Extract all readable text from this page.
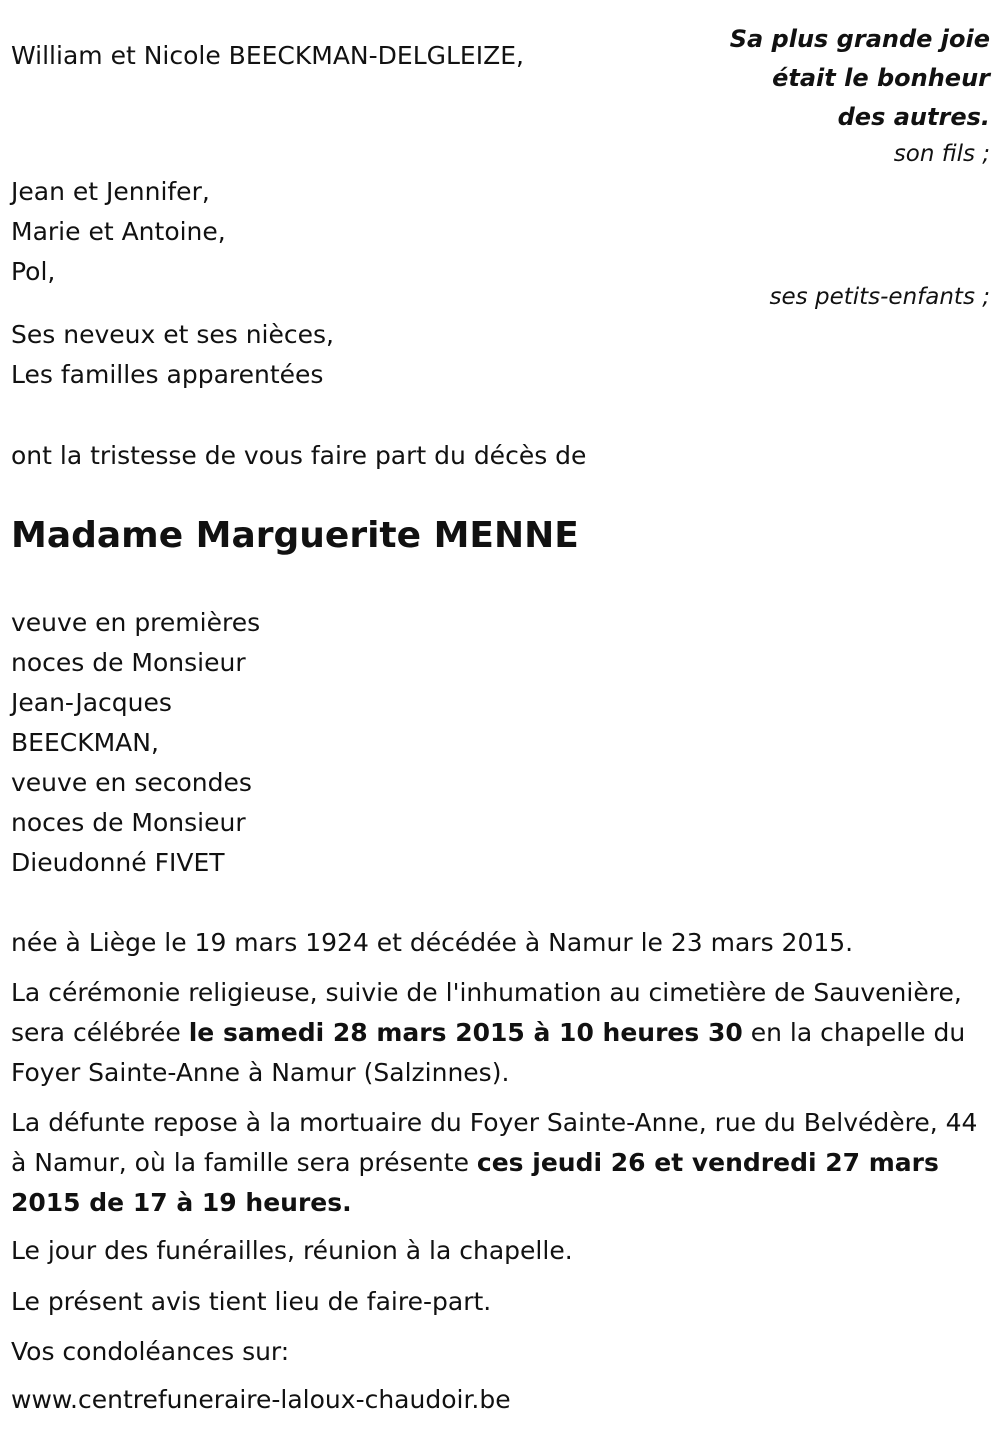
Sa plus grande joie
était le bonheur
des autres.
William et Nicole BEECKMAN-DELGLEIZE,
son fils ;
Jean et Jennifer,
Marie et Antoine,
Pol,
ses petits-enfants ;
Ses neveux et ses nièces,
Les familles apparentées
ont la tristesse de vous faire part du décès de
Madame Marguerite MENNE
veuve en premières
noces de Monsieur
Jean-Jacques
BEECKMAN,
veuve en secondes
noces de Monsieur
Dieudonné FIVET
née à Liège le 19 mars 1924 et décédée à Namur le 23 mars 2015.
La cérémonie religieuse, suivie de l'inhumation au cimetière de Sauvenière, sera célébrée le samedi 28 mars 2015 à 10 heures 30 en la chapelle du Foyer Sainte-Anne à Namur (Salzinnes).
La défunte repose à la mortuaire du Foyer Sainte-Anne, rue du Belvédère, 44 à Namur, où la famille sera présente ces jeudi 26 et vendredi 27 mars 2015 de 17 à 19 heures.
Le jour des funérailles, réunion à la chapelle.
Le présent avis tient lieu de faire-part.
Vos condoléances sur:
www.centrefuneraire-laloux-chaudoir.be
